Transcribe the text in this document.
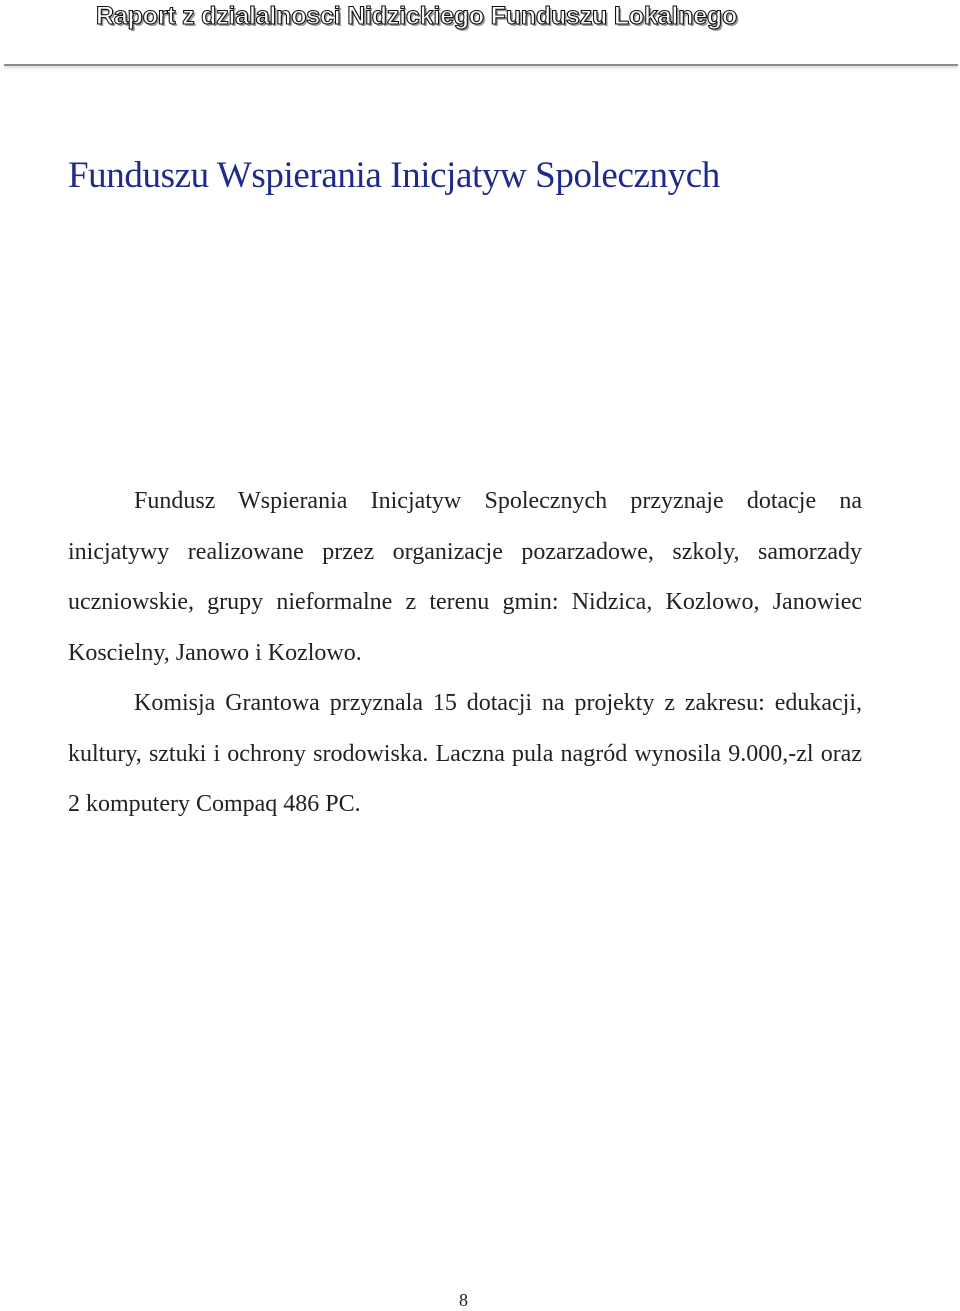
Raport z dzialalnosci Nidzickiego Funduszu Lokalnego
Funduszu Wspierania Inicjatyw Spolecznych

Fundusz Wspierania Inicjatyw Spolecznych przyznaje dotacje na inicjatywy realizowane przez organizacje pozarzadowe, szkoly, samorzady uczniowskie, grupy nieformalne z terenu gmin: Nidzica, Kozlowo, Janowiec Koscielny, Janowo i Kozlowo.

Komisja Grantowa przyznala 15 dotacji na projekty z zakresu: edukacji, kultury, sztuki i ochrony srodowiska. Laczna pula nagród wynosila 9.000,-zl oraz 2 komputery Compaq 486 PC.

8
